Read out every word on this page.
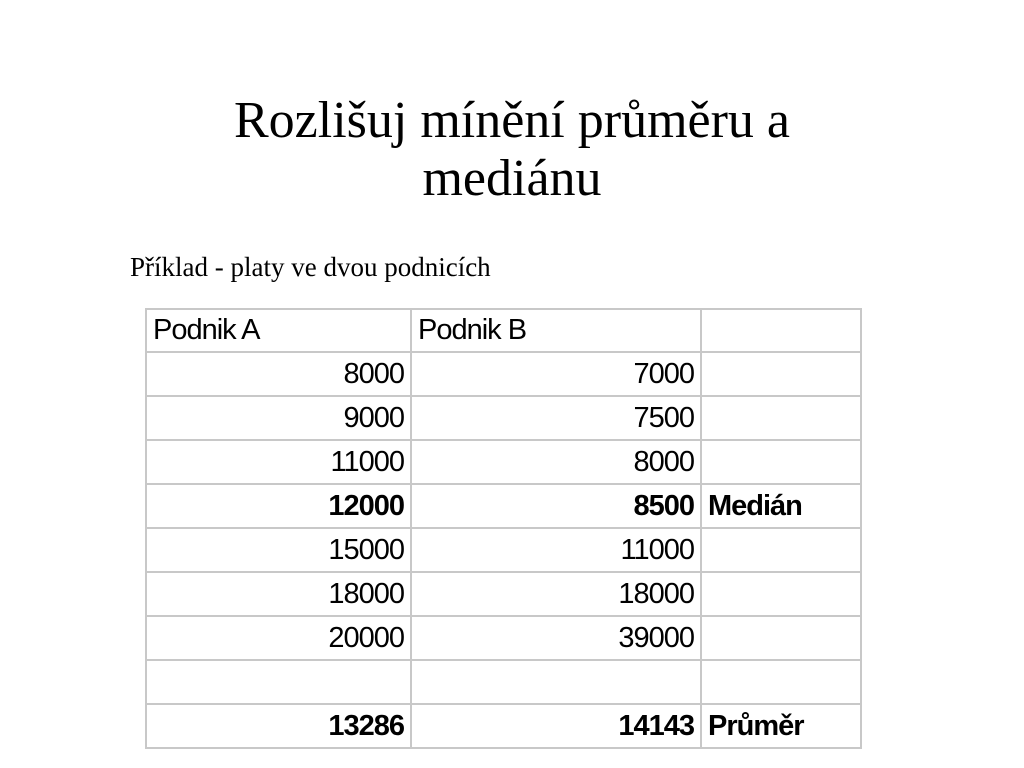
Rozlišuj mínění průměru a
mediánu

Příklad - platy ve dvou podnicích

Podnik A	Podnik B	
8000	7000	
9000	7500	
11000	8000	
12000	8500	Medián
15000	11000	
18000	18000	
20000	39000	

13286	14143	Průměr
